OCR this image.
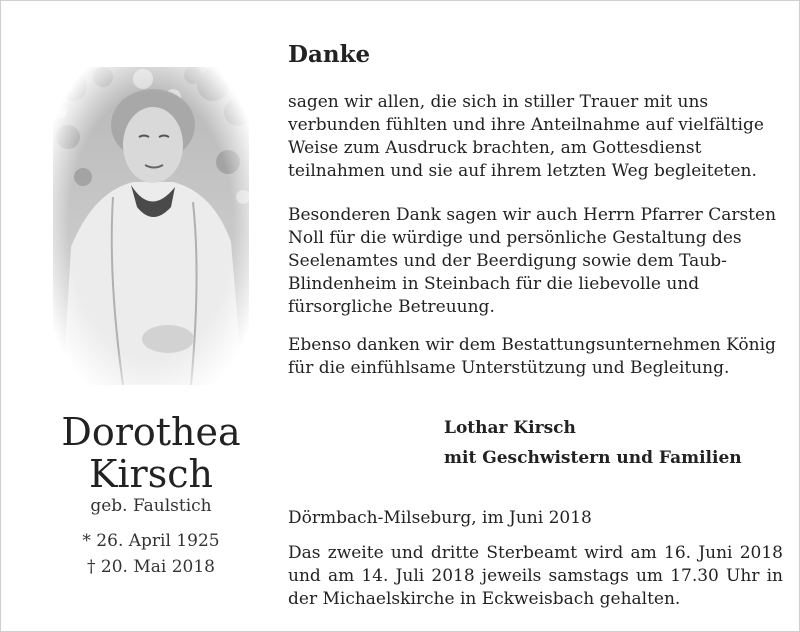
Dorothea
Kirsch
geb. Faulstich
* 26. April 1925
† 20. Mai 2018
Danke

sagen wir allen, die sich in stiller Trauer mit uns verbunden fühlten und ihre Anteilnahme auf vielfältige Weise zum Ausdruck brachten, am Gottesdienst teilnahmen und sie auf ihrem letzten Weg begleiteten.

Besonderen Dank sagen wir auch Herrn Pfarrer Carsten Noll für die würdige und persönliche Gestaltung des Seelenamtes und der Beerdigung sowie dem Taub-Blindenheim in Steinbach für die liebevolle und fürsorgliche Betreuung.

Ebenso danken wir dem Bestattungsunternehmen König für die einfühlsame Unterstützung und Begleitung.

Lothar Kirsch
mit Geschwistern und Familien
Dörmbach-Milseburg, im Juni 2018

Das zweite und dritte Sterbeamt wird am 16. Juni 2018 und am 14. Juli 2018 jeweils samstags um 17.30 Uhr in der Michaelskirche in Eckweisbach gehalten.
